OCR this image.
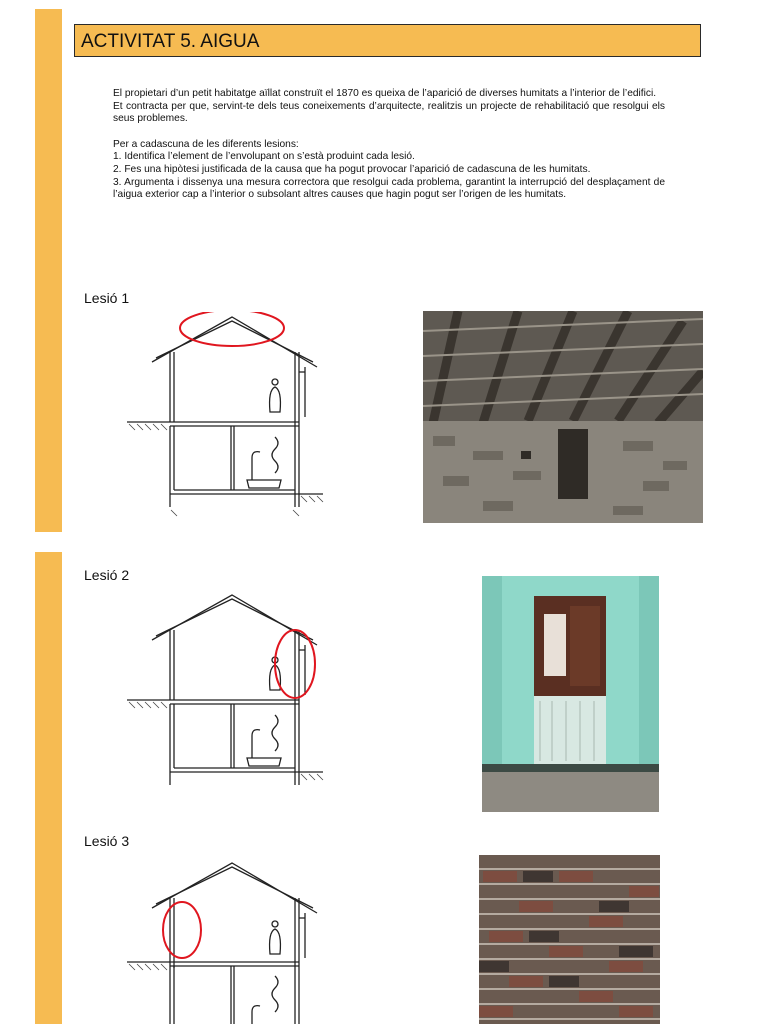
ACTIVITAT 5. AIGUA

El propietari d’un petit habitatge aïllat construït el 1870 es queixa de l’aparició de diverses humitats a l’interior de l’edifici.

Et contracta per que, servint-te dels teus coneixements d’arquitecte, realitzis un projecte de rehabilitació que resolgui els seus problemes.

Per a cadascuna de les diferents lesions:

1. Identifica l’element de l’envolupant on s’està produint cada lesió.

2. Fes una hipòtesi justificada de la causa que ha pogut provocar l’aparició de cadascuna de les humitats.

3. Argumenta i dissenya una mesura correctora que resolgui cada problema, garantint la interrupció del desplaçament de l’aigua exterior cap a l’interior o subsolant altres causes que hagin pogut ser l’origen de les humitats.

Lesió 1
Lesió 2
Lesió 3
